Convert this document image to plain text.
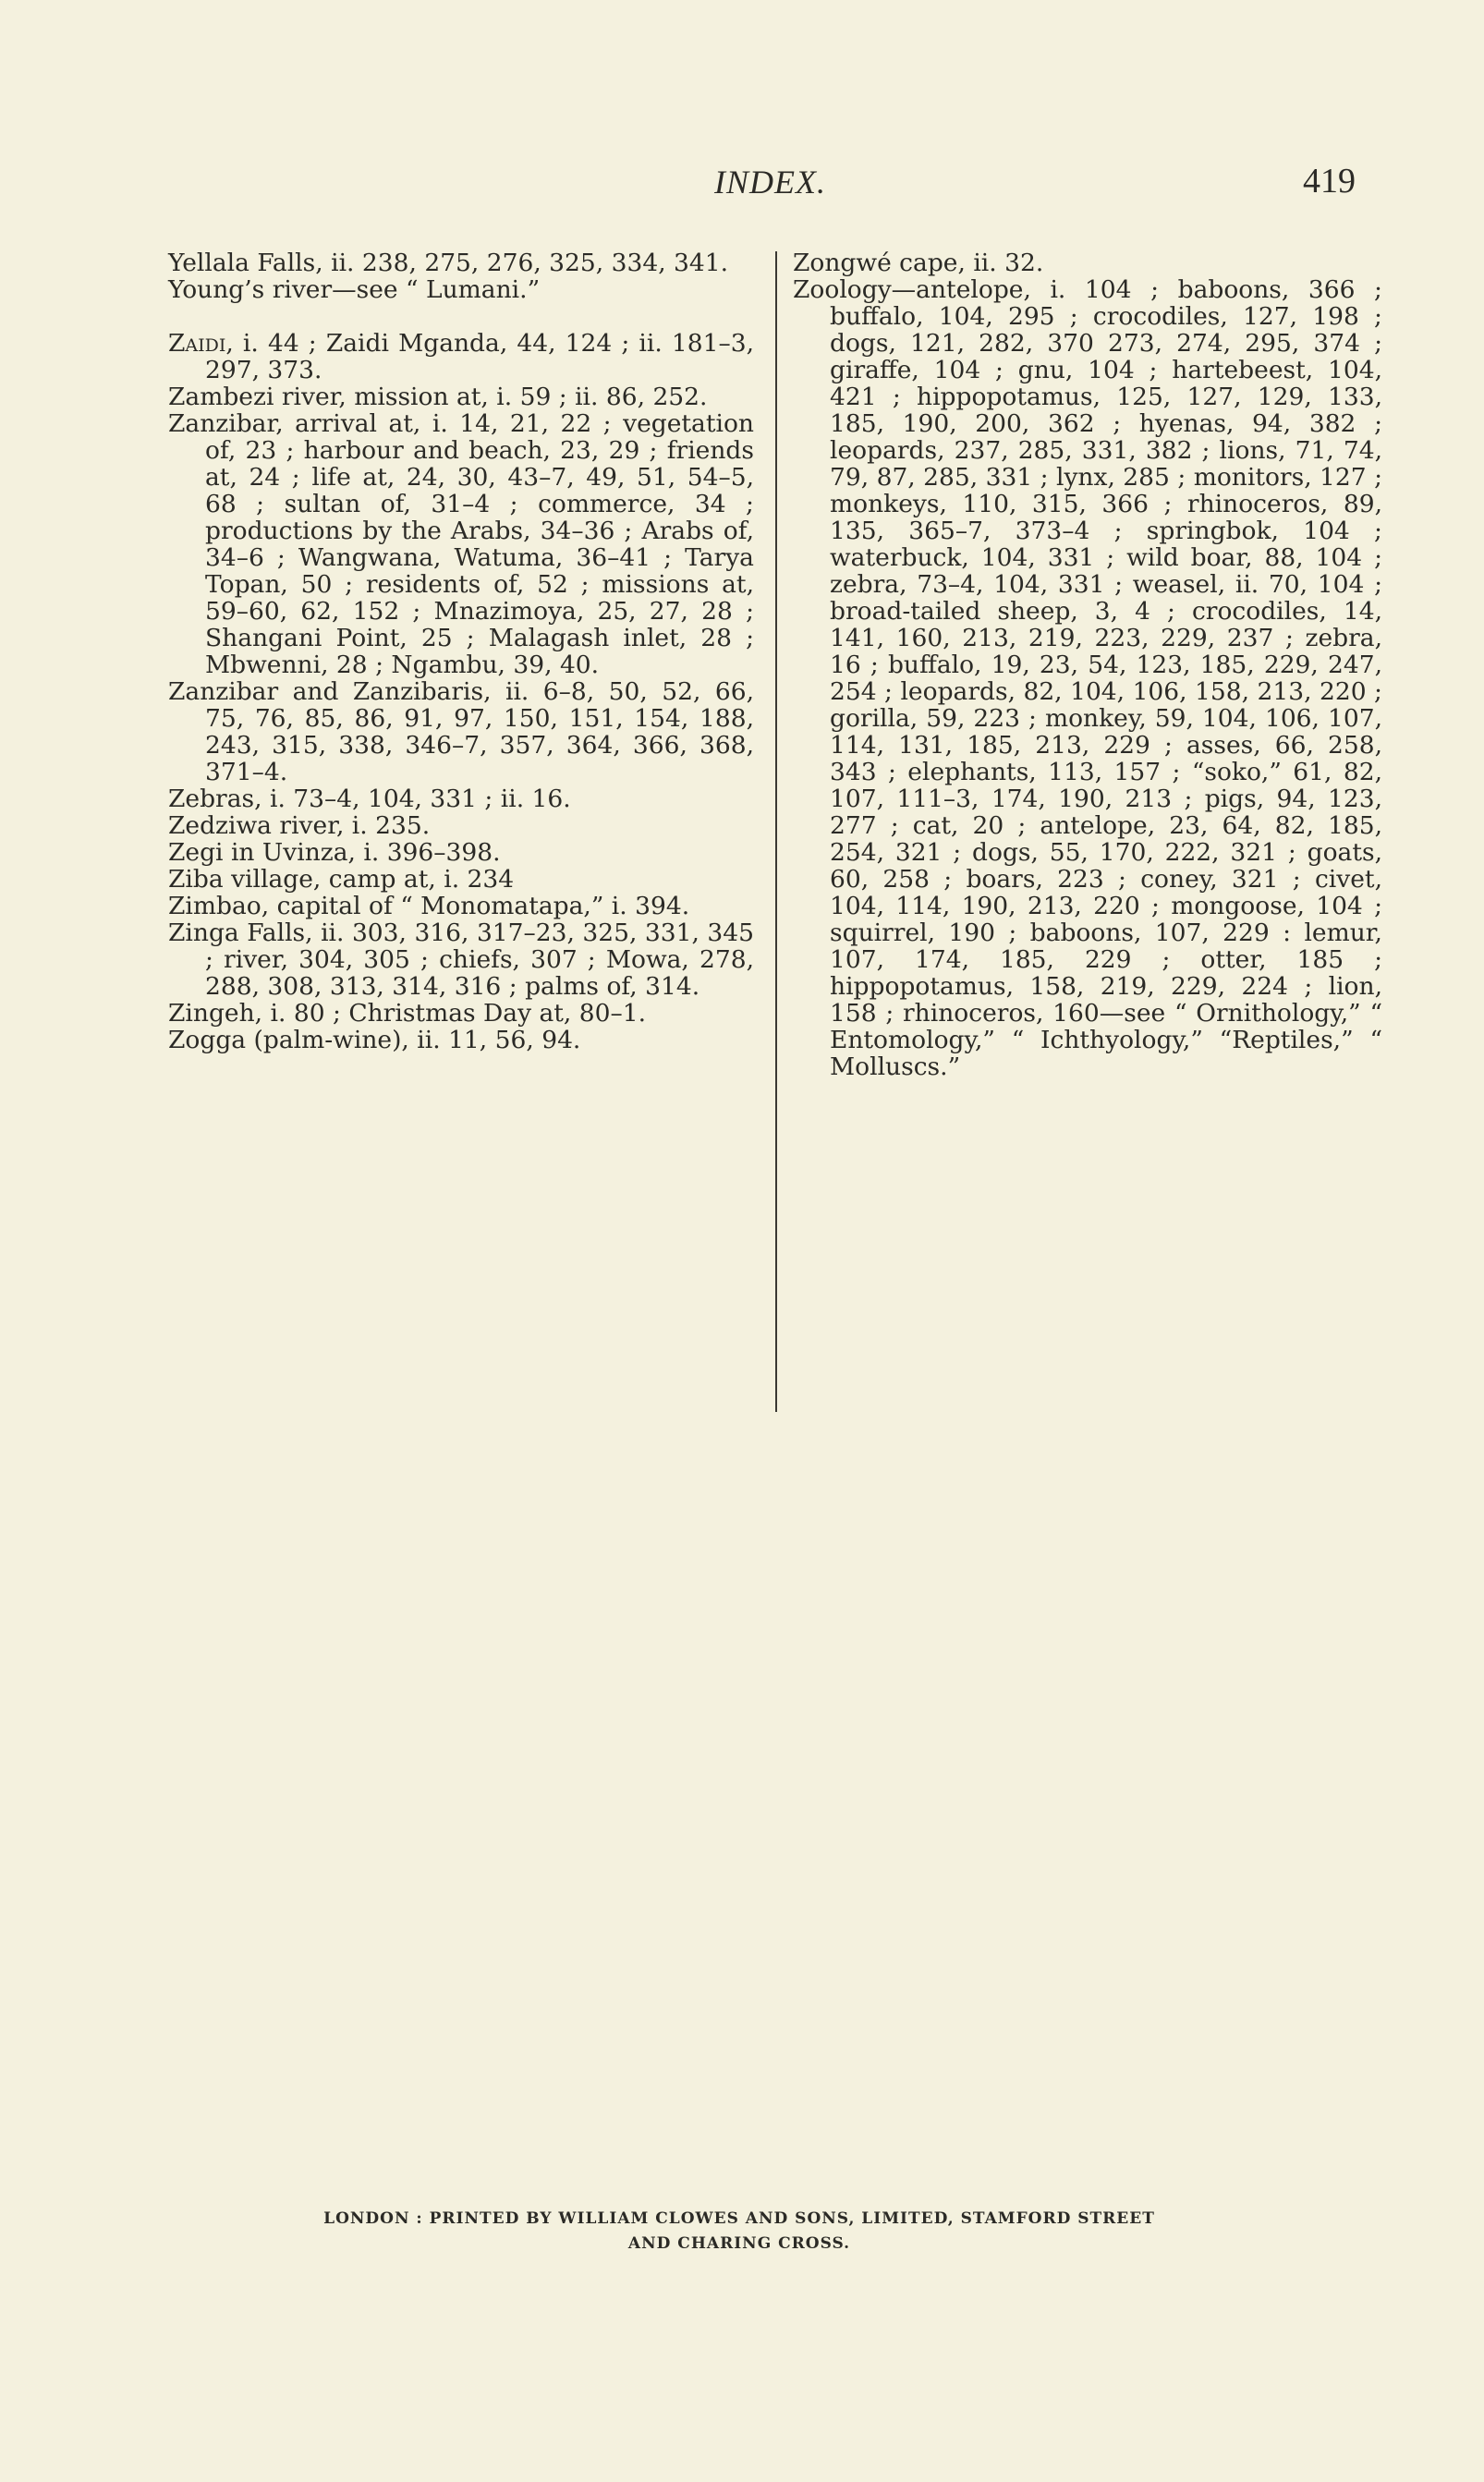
INDEX.	419

Yellala Falls, ii. 238, 275, 276, 325, 334, 341.

Young’s river—see “ Lumani.”

Zaidi, i. 44 ; Zaidi Mganda, 44, 124 ; ii. 181–3, 297, 373.

Zambezi river, mission at, i. 59 ; ii. 86, 252.

Zanzibar, arrival at, i. 14, 21, 22 ; vegetation of, 23 ; harbour and beach, 23, 29 ; friends at, 24 ; life at, 24, 30, 43–7, 49, 51, 54–5, 68 ; sultan of, 31–4 ; commerce, 34 ; productions by the Arabs, 34–36 ; Arabs of, 34–6 ; Wangwana, Watuma, 36–41 ; Tarya Topan, 50 ; residents of, 52 ; missions at, 59–60, 62, 152 ; Mnazimoya, 25, 27, 28 ; Shangani Point, 25 ; Malagash inlet, 28 ; Mbwenni, 28 ; Ngambu, 39, 40.

Zanzibar and Zanzibaris, ii. 6–8, 50, 52, 66, 75, 76, 85, 86, 91, 97, 150, 151, 154, 188, 243, 315, 338, 346–7, 357, 364, 366, 368, 371–4.

Zebras, i. 73–4, 104, 331 ; ii. 16.

Zedziwa river, i. 235.

Zegi in Uvinza, i. 396–398.

Ziba village, camp at, i. 234

Zimbao, capital of “ Monomatapa,” i. 394.

Zinga Falls, ii. 303, 316, 317–23, 325, 331, 345 ; river, 304, 305 ; chiefs, 307 ; Mowa, 278, 288, 308, 313, 314, 316 ; palms of, 314.

Zingeh, i. 80 ; Christmas Day at, 80–1.

Zogga (palm-wine), ii. 11, 56, 94.

Zongwé cape, ii. 32.

Zoology—antelope, i. 104 ; baboons, 366 ; buffalo, 104, 295 ; crocodiles, 127, 198 ; dogs, 121, 282, 370 273, 274, 295, 374 ; giraffe, 104 ; gnu, 104 ; hartebeest, 104, 421 ; hippopotamus, 125, 127, 129, 133, 185, 190, 200, 362 ; hyenas, 94, 382 ; leopards, 237, 285, 331, 382 ; lions, 71, 74, 79, 87, 285, 331 ; lynx, 285 ; monitors, 127 ; monkeys, 110, 315, 366 ; rhinoceros, 89, 135, 365–7, 373–4 ; springbok, 104 ; waterbuck, 104, 331 ; wild boar, 88, 104 ; zebra, 73–4, 104, 331 ; weasel, ii. 70, 104 ; broad-tailed sheep, 3, 4 ; crocodiles, 14, 141, 160, 213, 219, 223, 229, 237 ; zebra, 16 ; buffalo, 19, 23, 54, 123, 185, 229, 247, 254 ; leopards, 82, 104, 106, 158, 213, 220 ; gorilla, 59, 223 ; monkey, 59, 104, 106, 107, 114, 131, 185, 213, 229 ; asses, 66, 258, 343 ; elephants, 113, 157 ; “soko,” 61, 82, 107, 111–3, 174, 190, 213 ; pigs, 94, 123, 277 ; cat, 20 ; antelope, 23, 64, 82, 185, 254, 321 ; dogs, 55, 170, 222, 321 ; goats, 60, 258 ; boars, 223 ; coney, 321 ; civet, 104, 114, 190, 213, 220 ; mongoose, 104 ; squirrel, 190 ; baboons, 107, 229 : lemur, 107, 174, 185, 229 ; otter, 185 ; hippopotamus, 158, 219, 229, 224 ; lion, 158 ; rhinoceros, 160—see “ Ornithology,” “ Entomology,” “ Ichthyology,” “Reptiles,” “ Molluscs.”

LONDON : PRINTED BY WILLIAM CLOWES AND SONS, LIMITED, STAMFORD STREET
AND CHARING CROSS.
